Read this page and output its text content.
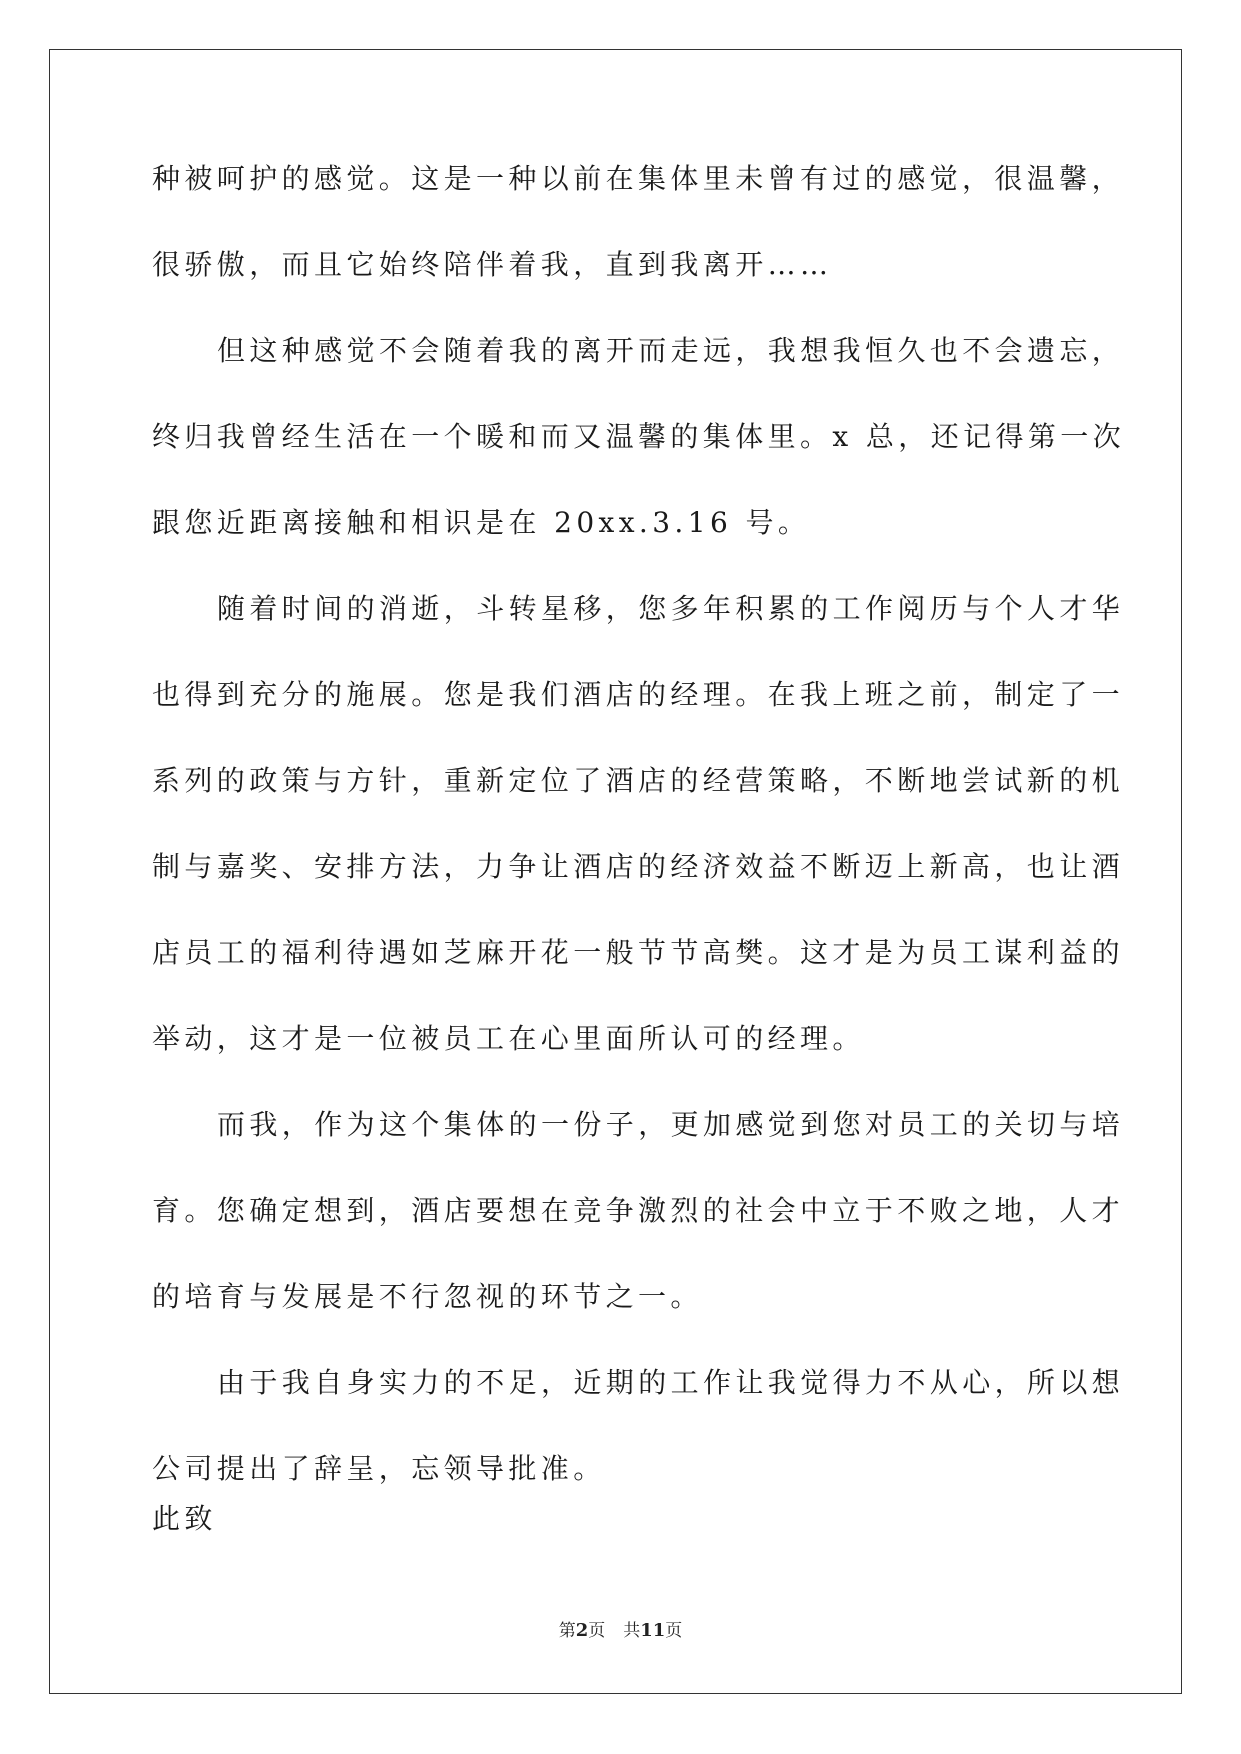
种被呵护的感觉。这是一种以前在集体里未曾有过的感觉，很温馨，
很骄傲，而且它始终陪伴着我，直到我离开……
但这种感觉不会随着我的离开而走远，我想我恒久也不会遗忘，
终归我曾经生活在一个暖和而又温馨的集体里。x 总，还记得第一次
跟您近距离接触和相识是在 20xx.3.16 号。
随着时间的消逝，斗转星移，您多年积累的工作阅历与个人才华
也得到充分的施展。您是我们酒店的经理。在我上班之前，制定了一
系列的政策与方针，重新定位了酒店的经营策略，不断地尝试新的机
制与嘉奖、安排方法，力争让酒店的经济效益不断迈上新高，也让酒
店员工的福利待遇如芝麻开花一般节节高樊。这才是为员工谋利益的
举动，这才是一位被员工在心里面所认可的经理。
而我，作为这个集体的一份子，更加感觉到您对员工的关切与培
育。您确定想到，酒店要想在竞争激烈的社会中立于不败之地，人才
的培育与发展是不行忽视的环节之一。
由于我自身实力的不足，近期的工作让我觉得力不从心，所以想
公司提出了辞呈，忘领导批准。
此致
第2页 共11页
